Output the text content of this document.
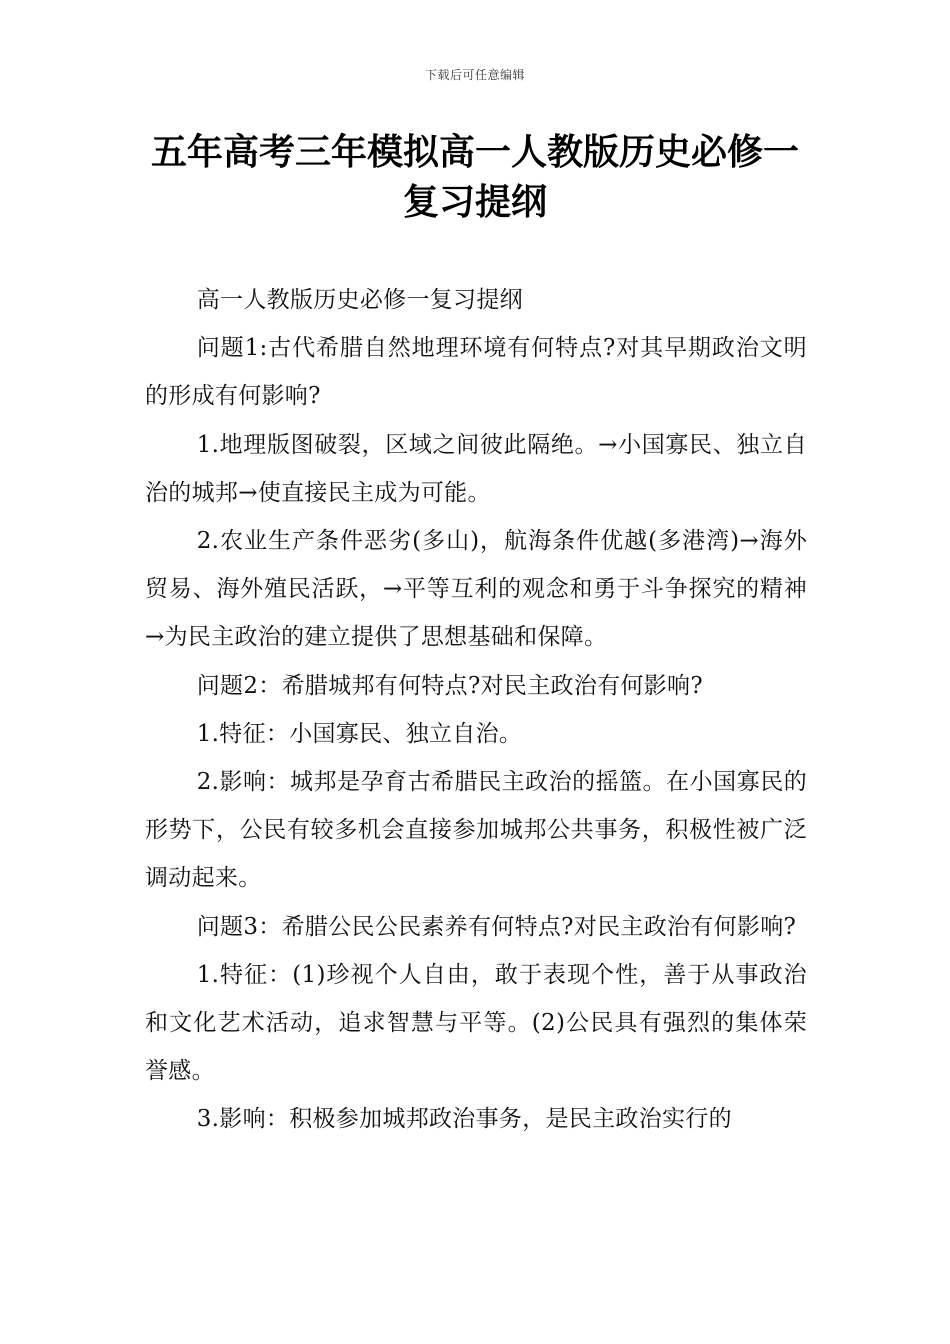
下载后可任意编辑
五年高考三年模拟高一人教版历史必修一
复习提纲

高一人教版历史必修一复习提纲

问题1:古代希腊自然地理环境有何特点?对其早期政治文明的形成有何影响?

1.地理版图破裂，区域之间彼此隔绝。→小国寡民、独立自治的城邦→使直接民主成为可能。

2.农业生产条件恶劣(多山)，航海条件优越(多港湾)→海外贸易、海外殖民活跃，→平等互利的观念和勇于斗争探究的精神→为民主政治的建立提供了思想基础和保障。

问题2：希腊城邦有何特点?对民主政治有何影响?

1.特征：小国寡民、独立自治。

2.影响：城邦是孕育古希腊民主政治的摇篮。在小国寡民的形势下，公民有较多机会直接参加城邦公共事务，积极性被广泛调动起来。

问题3：希腊公民公民素养有何特点?对民主政治有何影响?

1.特征：(1)珍视个人自由，敢于表现个性，善于从事政治和文化艺术活动，追求智慧与平等。(2)公民具有强烈的集体荣誉感。

3.影响：积极参加城邦政治事务，是民主政治实行的
